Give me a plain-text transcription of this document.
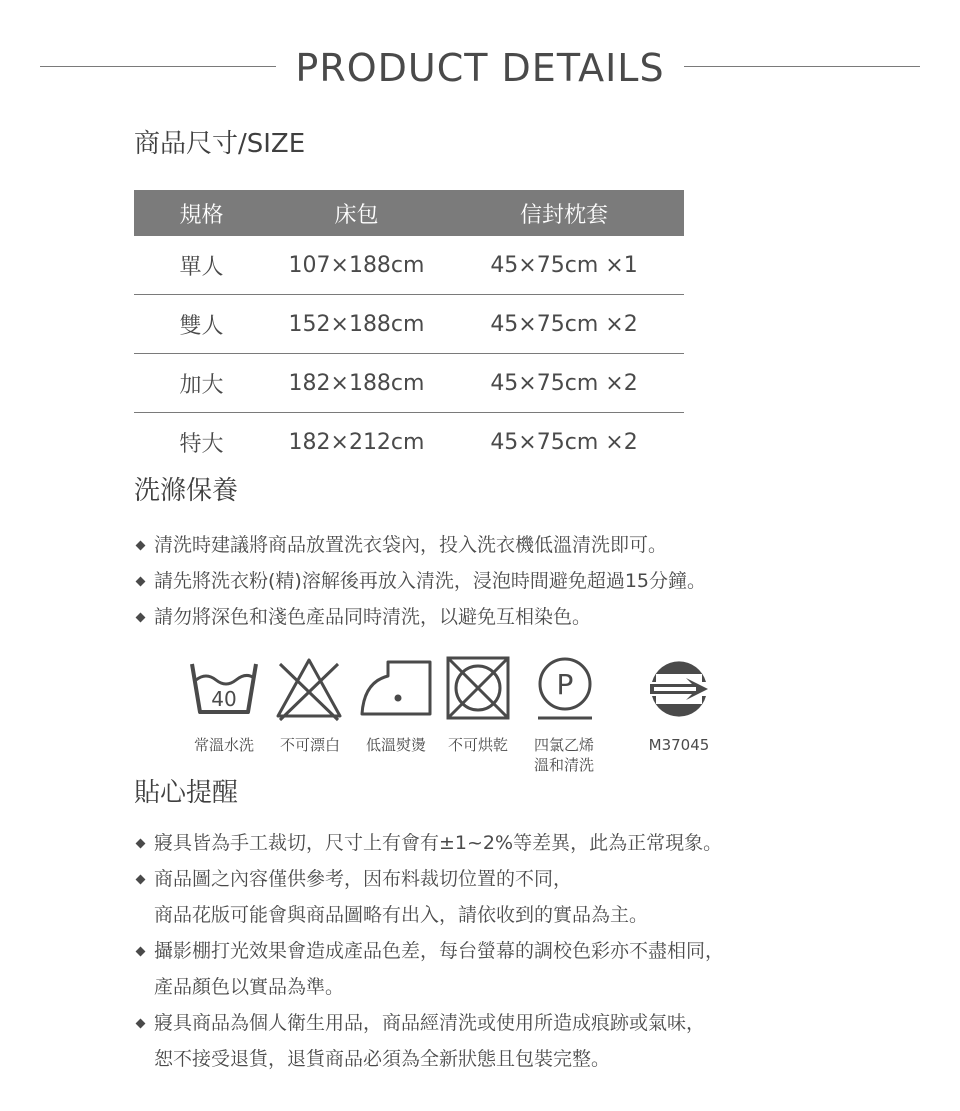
PRODUCT DETAILS
商品尺寸/SIZE
規格	床包	信封枕套
單人	107×188cm	45×75cm ×1
雙人	152×188cm	45×75cm ×2
加大	182×188cm	45×75cm ×2
特大	182×212cm	45×75cm ×2
洗滌保養
清洗時建議將商品放置洗衣袋內，投入洗衣機低溫清洗即可。
請先將洗衣粉(精)溶解後再放入清洗，浸泡時間避免超過15分鐘。
請勿將深色和淺色產品同時清洗，以避免互相染色。
40
常溫水洗	不可漂白	低溫熨燙	不可烘乾
P
四氯乙烯
溫和清洗
M37045
貼心提醒
寢具皆為手工裁切，尺寸上有會有±1~2%等差異，此為正常現象。
商品圖之內容僅供參考，因布料裁切位置的不同，
商品花版可能會與商品圖略有出入，請依收到的實品為主。
攝影棚打光效果會造成產品色差，每台螢幕的調校色彩亦不盡相同，
產品顏色以實品為準。
寢具商品為個人衛生用品，商品經清洗或使用所造成痕跡或氣味，
恕不接受退貨，退貨商品必須為全新狀態且包裝完整。
